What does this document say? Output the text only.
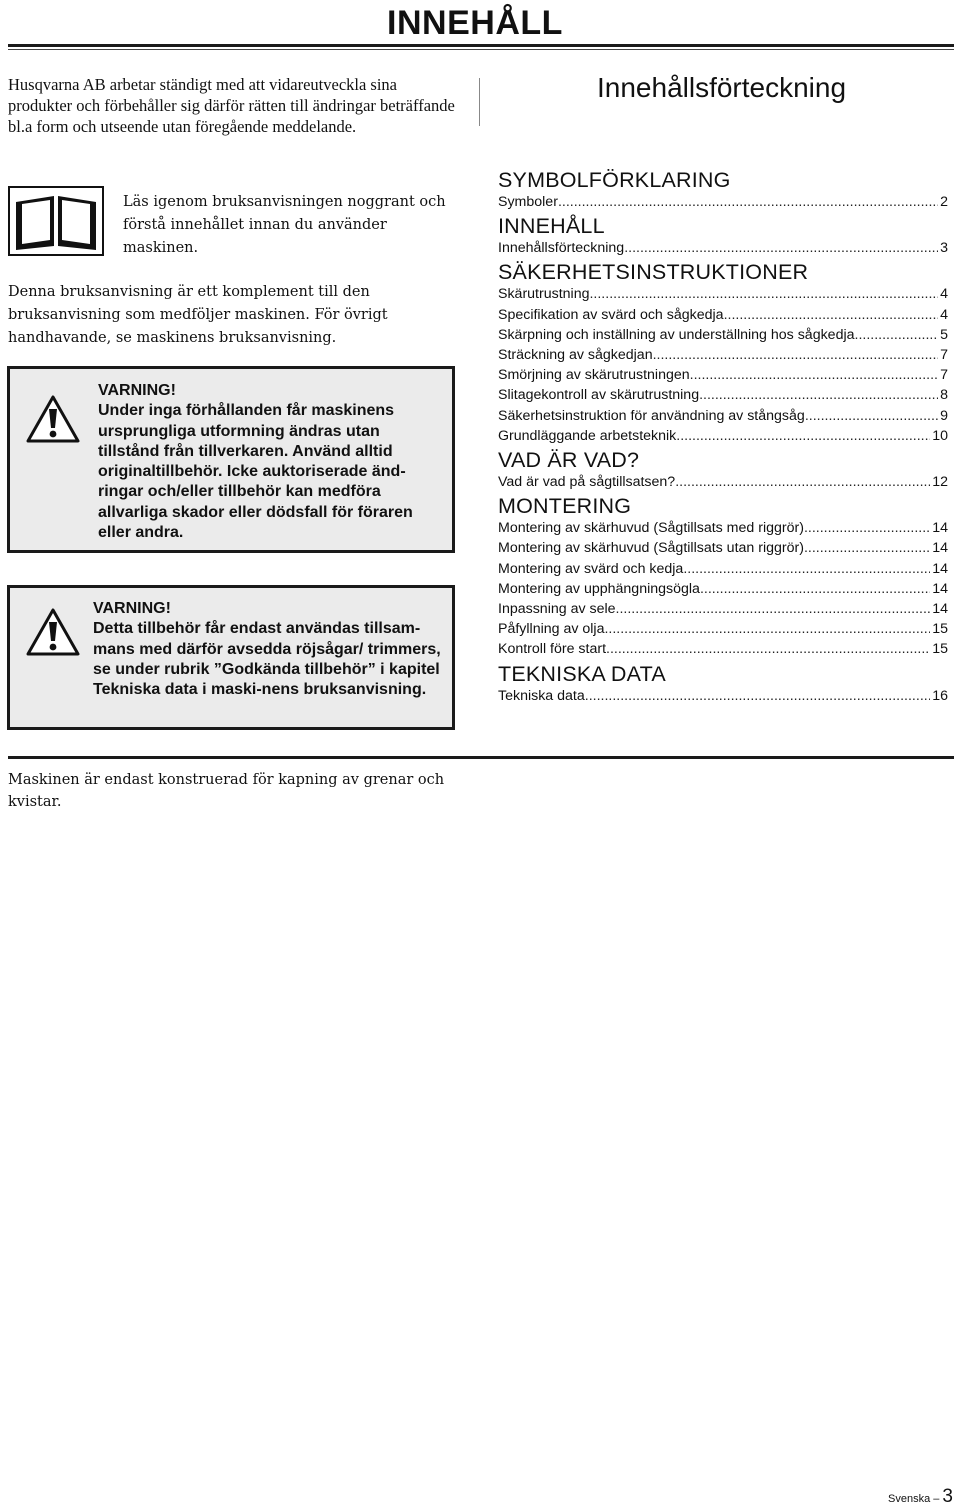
INNEHÅLL
Husqvarna AB arbetar ständigt med att vidareutveckla sina produkter och förbehåller sig därför rätten till ändringar beträffande bl.a form och utseende utan föregående meddelande.
Läs igenom bruksanvisningen noggrant och förstå innehållet innan du använder maskinen.
Denna bruksanvisning är ett komplement till den bruksanvisning som medföljer maskinen. För övrigt handhavande, se maskinens bruksanvisning.
VARNING!
Under inga förhållanden får maskinens ursprungliga utformning ändras utan tillstånd från tillverkaren. Använd alltid originaltillbehör. Icke auktoriserade änd-ringar och/eller tillbehör kan medföra allvarliga skador eller dödsfall för föraren eller andra.
VARNING!
Detta tillbehör får endast användas tillsam-mans med därför avsedda röjsågar/ trimmers, se under rubrik ”Godkända tillbehör” i kapitel Tekniska data i maski-nens bruksanvisning.
Innehållsförteckning
SYMBOLFÖRKLARING
Symboler .....	2
INNEHÅLL
Innehållsförteckning .....	3
SÄKERHETSINSTRUKTIONER
Skärutrustning .....	4
Specifikation av svärd och sågkedja .....	4
Skärpning och inställning av underställning hos sågkedja .....	5
Sträckning av sågkedjan .....	7
Smörjning av skärutrustningen .....	7
Slitagekontroll av skärutrustning .....	8
Säkerhetsinstruktion för användning av stångsåg .....	9
Grundläggande arbetsteknik .....	10
VAD ÄR VAD?
Vad är vad på sågtillsatsen? .....	12
MONTERING
Montering av skärhuvud (Sågtillsats med riggrör) .....	14
Montering av skärhuvud (Sågtillsats utan riggrör) .....	14
Montering av svärd och kedja .....	14
Montering av upphängningsögla .....	14
Inpassning av sele .....	14
Påfyllning av olja .....	15
Kontroll före start .....	15
TEKNISKA DATA
Tekniska data .....	16
Maskinen är endast konstruerad för kapning av grenar och kvistar.
Svenska – 3
